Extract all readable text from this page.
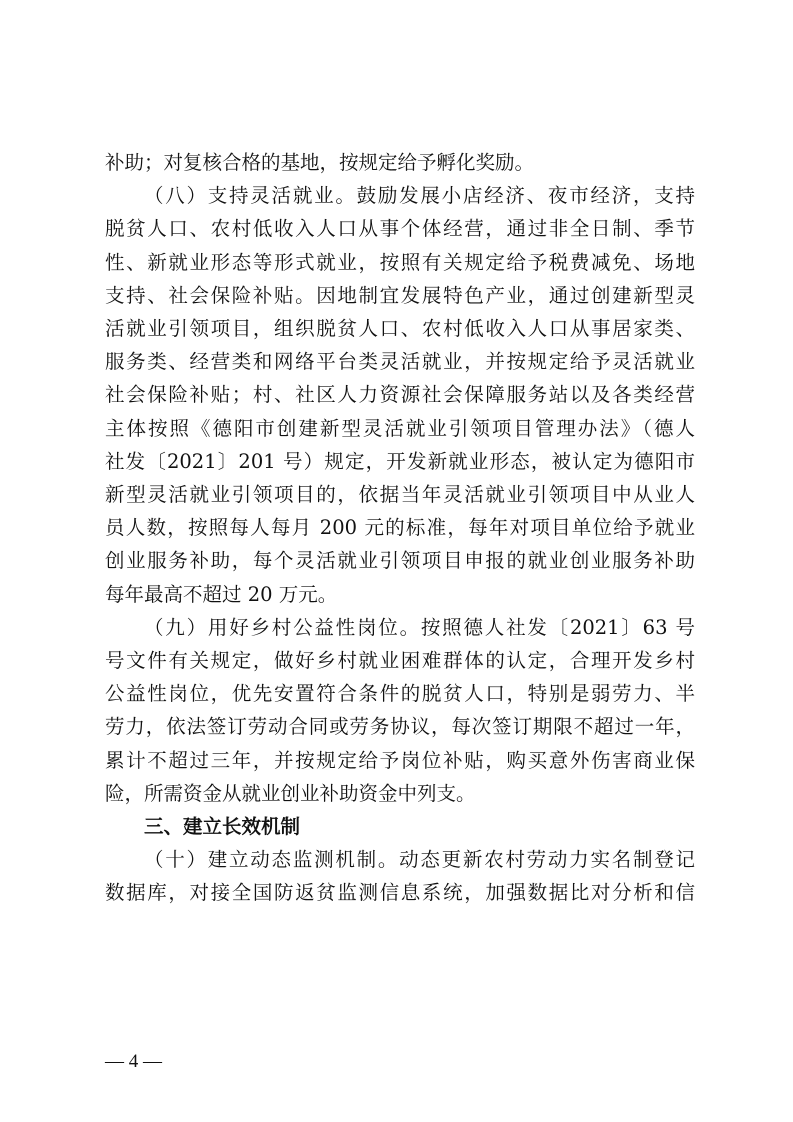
补助；对复核合格的基地，按规定给予孵化奖励。

（八）支持灵活就业。鼓励发展小店经济、夜市经济，支持

脱贫人口、农村低收入人口从事个体经营，通过非全日制、季节

性、新就业形态等形式就业，按照有关规定给予税费减免、场地

支持、社会保险补贴。因地制宜发展特色产业，通过创建新型灵

活就业引领项目，组织脱贫人口、农村低收入人口从事居家类、

服务类、经营类和网络平台类灵活就业，并按规定给予灵活就业

社会保险补贴；村、社区人力资源社会保障服务站以及各类经营

主体按照《德阳市创建新型灵活就业引领项目管理办法》（德人

社发〔2021〕201 号）规定，开发新就业形态，被认定为德阳市

新型灵活就业引领项目的，依据当年灵活就业引领项目中从业人

员人数，按照每人每月 200 元的标准，每年对项目单位给予就业

创业服务补助，每个灵活就业引领项目申报的就业创业服务补助

每年最高不超过 20 万元。

（九）用好乡村公益性岗位。按照德人社发〔2021〕63 号

号文件有关规定，做好乡村就业困难群体的认定，合理开发乡村

公益性岗位，优先安置符合条件的脱贫人口，特别是弱劳力、半

劳力，依法签订劳动合同或劳务协议，每次签订期限不超过一年，

累计不超过三年，并按规定给予岗位补贴，购买意外伤害商业保

险，所需资金从就业创业补助资金中列支。

三、建立长效机制

（十）建立动态监测机制。动态更新农村劳动力实名制登记

数据库，对接全国防返贫监测信息系统，加强数据比对分析和信

— 4 —
